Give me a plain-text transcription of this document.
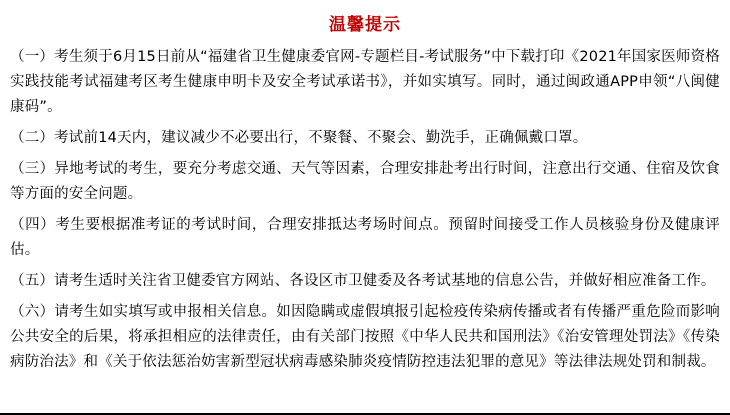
温馨提示

（一）考生须于6月15日前从“福建省卫生健康委官网-专题栏目-考试服务”中下载打印《2021年国家医师资格实践技能考试福建考区考生健康申明卡及安全考试承诺书》，并如实填写。同时，通过闽政通APP申领“八闽健康码”。

（二）考试前14天内，建议减少不必要出行，不聚餐、不聚会、勤洗手，正确佩戴口罩。

（三）异地考试的考生，要充分考虑交通、天气等因素，合理安排赴考出行时间，注意出行交通、住宿及饮食等方面的安全问题。

（四）考生要根据准考证的考试时间，合理安排抵达考场时间点。预留时间接受工作人员核验身份及健康评估。

（五）请考生适时关注省卫健委官方网站、各设区市卫健委及各考试基地的信息公告，并做好相应准备工作。

（六）请考生如实填写或申报相关信息。如因隐瞒或虚假填报引起检疫传染病传播或者有传播严重危险而影响公共安全的后果，将承担相应的法律责任，由有关部门按照《中华人民共和国刑法》《治安管理处罚法》《传染病防治法》和《关于依法惩治妨害新型冠状病毒感染肺炎疫情防控违法犯罪的意见》等法律法规处罚和制裁。
